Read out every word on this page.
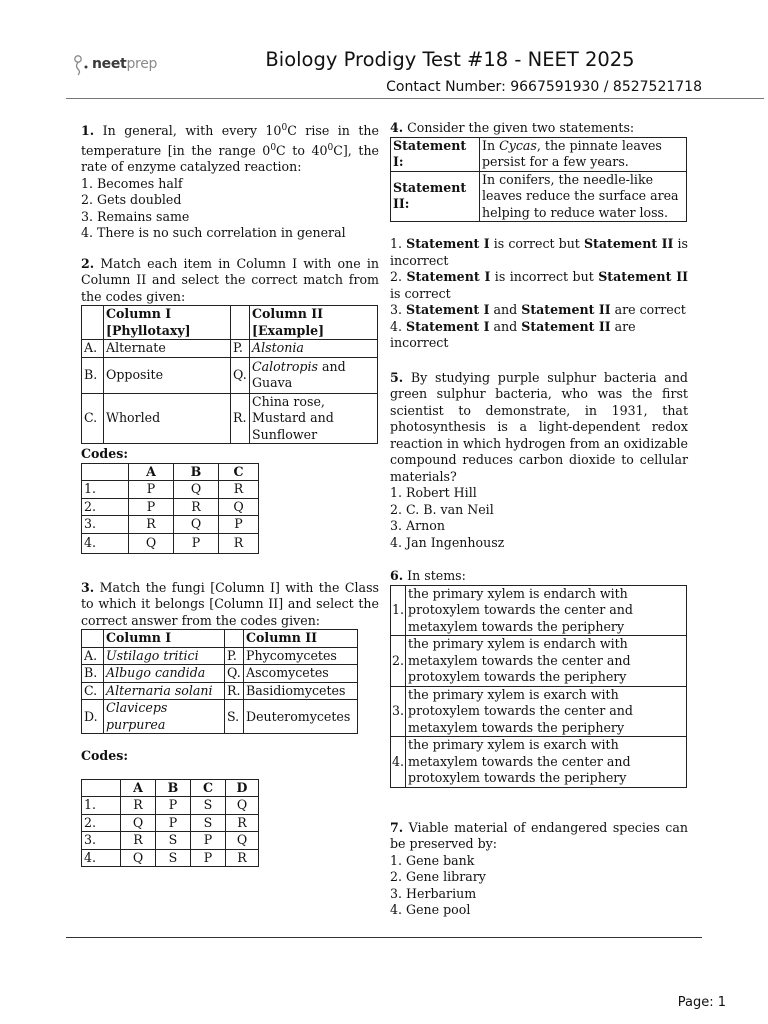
neetprep	Biology Prodigy Test #18 - NEET 2025
Contact Number: 9667591930 / 8527521718

1. In general, with every $10^0C$ rise in the temperature [in the range $0^0C$ to $40^0C$], the rate of enzyme catalyzed reaction:

1. Becomes half

2. Gets doubled

3. Remains same

4. There is no such correlation in general

2. Match each item in Column I with one in Column II and select the correct match from the codes given:

	Column I [Phyllotaxy]		Column II [Example]
A.	Alternate	P.	Alstonia
B.	Opposite	Q.	Calotropis and Guava
C.	Whorled	R.	China rose, Mustard and Sunflower

Codes:

	A	B	C
1.	P	Q	R
2.	P	R	Q
3.	R	Q	P
4.	Q	P	R

3. Match the fungi [Column I] with the Class to which it belongs [Column II] and select the correct answer from the codes given:

	Column I		Column II
A.	Ustilago tritici	P.	Phycomycetes
B.	Albugo candida	Q.	Ascomycetes
C.	Alternaria solani	R.	Basidiomycetes
D.	Claviceps purpurea	S.	Deuteromycetes

Codes:

	A	B	C	D
1.	R	P	S	Q
2.	Q	P	S	R
3.	R	S	P	Q
4.	Q	S	P	R

4. Consider the given two statements:

Statement I:	In Cycas, the pinnate leaves persist for a few years.
Statement II:	In conifers, the needle-like leaves reduce the surface area helping to reduce water loss.

1. Statement I is correct but Statement II is incorrect

2. Statement I is incorrect but Statement II is correct

3. Statement I and Statement II are correct

4. Statement I and Statement II are incorrect

5. By studying purple sulphur bacteria and green sulphur bacteria, who was the first scientist to demonstrate, in 1931, that photosynthesis is a light-dependent redox reaction in which hydrogen from an oxidizable compound reduces carbon dioxide to cellular materials?

1. Robert Hill

2. C. B. van Neil

3. Arnon

4. Jan Ingenhousz

6. In stems:

1.	the primary xylem is endarch with protoxylem towards the center and metaxylem towards the periphery
2.	the primary xylem is endarch with metaxylem towards the center and protoxylem towards the periphery
3.	the primary xylem is exarch with protoxylem towards the center and metaxylem towards the periphery
4.	the primary xylem is exarch with metaxylem towards the center and protoxylem towards the periphery

7. Viable material of endangered species can be preserved by:

1. Gene bank

2. Gene library

3. Herbarium

4. Gene pool

Page: 1
